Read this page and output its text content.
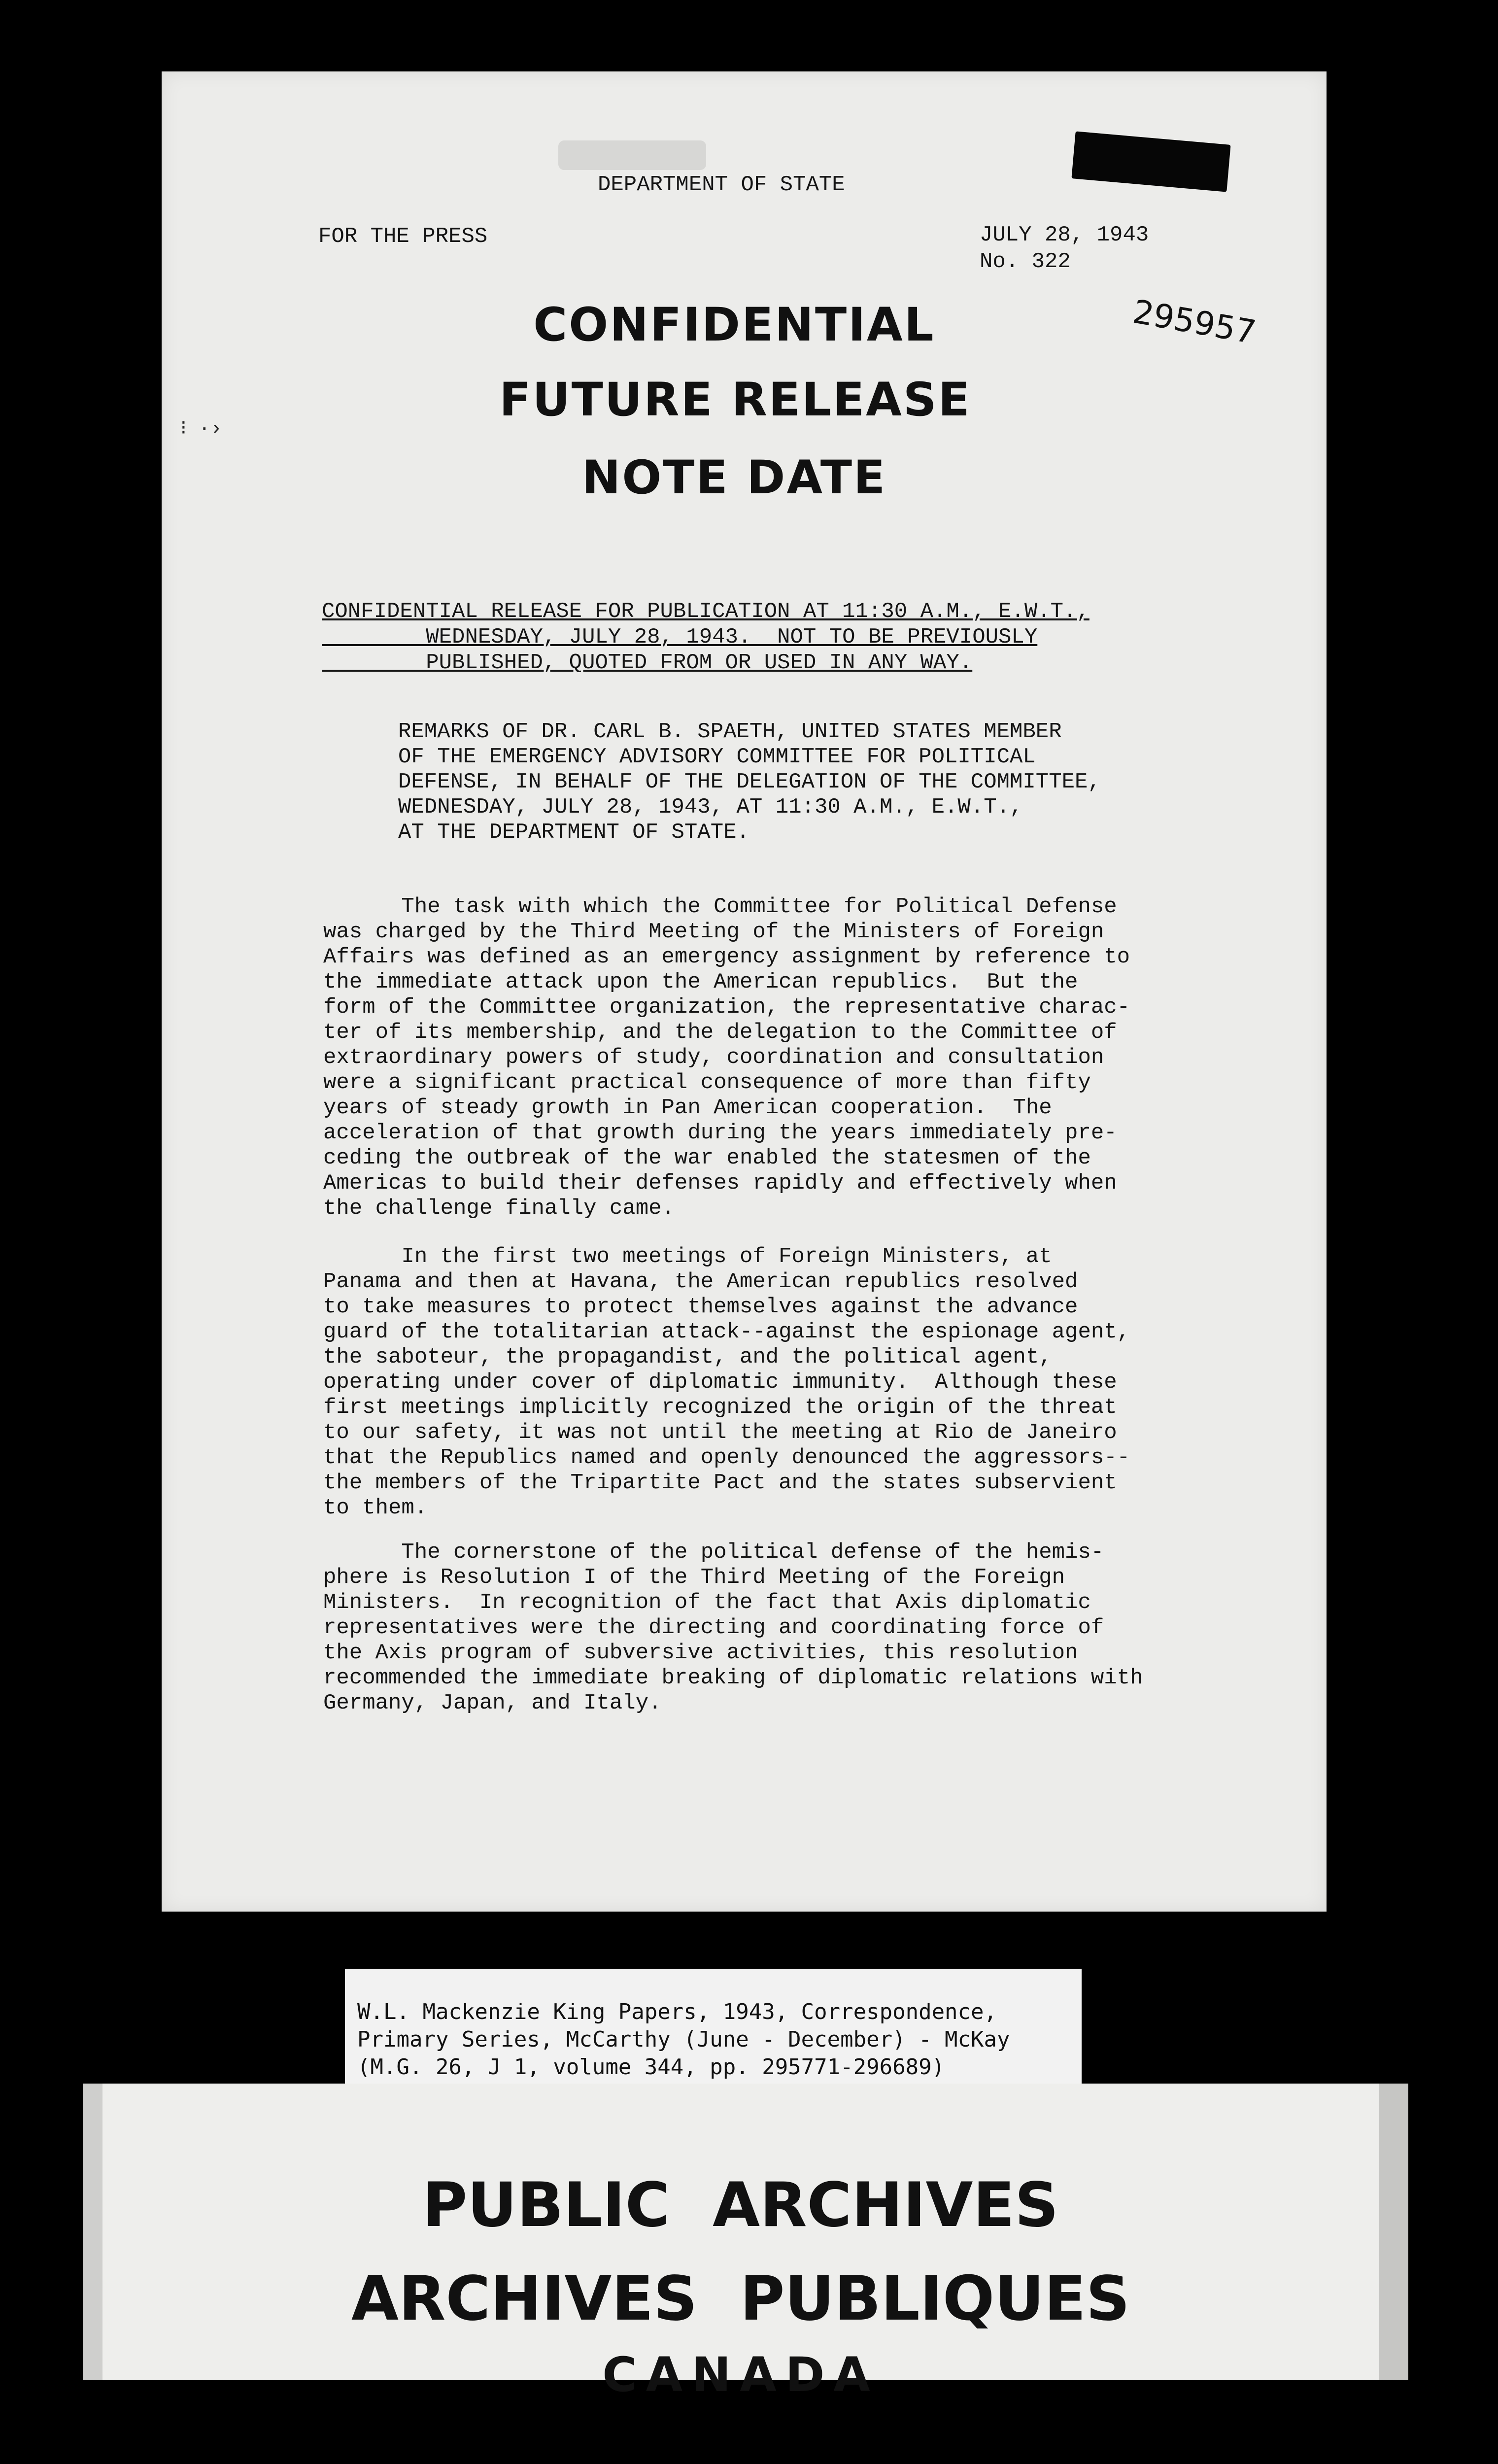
⁝ ·›
DEPARTMENT OF STATE
FOR THE PRESS	JULY 28, 1943
No. 322
295957
CONFIDENTIAL
FUTURE RELEASE
NOTE DATE
CONFIDENTIAL RELEASE FOR PUBLICATION AT 11:30 A.M., E.W.T.,
WEDNESDAY, JULY 28, 1943.  NOT TO BE PREVIOUSLY
PUBLISHED, QUOTED FROM OR USED IN ANY WAY.
REMARKS OF DR. CARL B. SPAETH, UNITED STATES MEMBER
OF THE EMERGENCY ADVISORY COMMITTEE FOR POLITICAL
DEFENSE, IN BEHALF OF THE DELEGATION OF THE COMMITTEE,
WEDNESDAY, JULY 28, 1943, AT 11:30 A.M., E.W.T.,
AT THE DEPARTMENT OF STATE.
The task with which the Committee for Political Defense
was charged by the Third Meeting of the Ministers of Foreign
Affairs was defined as an emergency assignment by reference to
the immediate attack upon the American republics.  But the
form of the Committee organization, the representative charac-
ter of its membership, and the delegation to the Committee of
extraordinary powers of study, coordination and consultation
were a significant practical consequence of more than fifty
years of steady growth in Pan American cooperation.  The
acceleration of that growth during the years immediately pre-
ceding the outbreak of the war enabled the statesmen of the
Americas to build their defenses rapidly and effectively when
the challenge finally came.
In the first two meetings of Foreign Ministers, at
Panama and then at Havana, the American republics resolved
to take measures to protect themselves against the advance
guard of the totalitarian attack--against the espionage agent,
the saboteur, the propagandist, and the political agent,
operating under cover of diplomatic immunity.  Although these
first meetings implicitly recognized the origin of the threat
to our safety, it was not until the meeting at Rio de Janeiro
that the Republics named and openly denounced the aggressors--
the members of the Tripartite Pact and the states subservient
to them.
The cornerstone of the political defense of the hemis-
phere is Resolution I of the Third Meeting of the Foreign
Ministers.  In recognition of the fact that Axis diplomatic
representatives were the directing and coordinating force of
the Axis program of subversive activities, this resolution
recommended the immediate breaking of diplomatic relations with
Germany, Japan, and Italy.
W.L. Mackenzie King Papers, 1943, Correspondence,
Primary Series, McCarthy (June - December) - McKay
(M.G. 26, J 1, volume 344, pp. 295771-296689)
PUBLIC  ARCHIVES
ARCHIVES  PUBLIQUES
CANADA
